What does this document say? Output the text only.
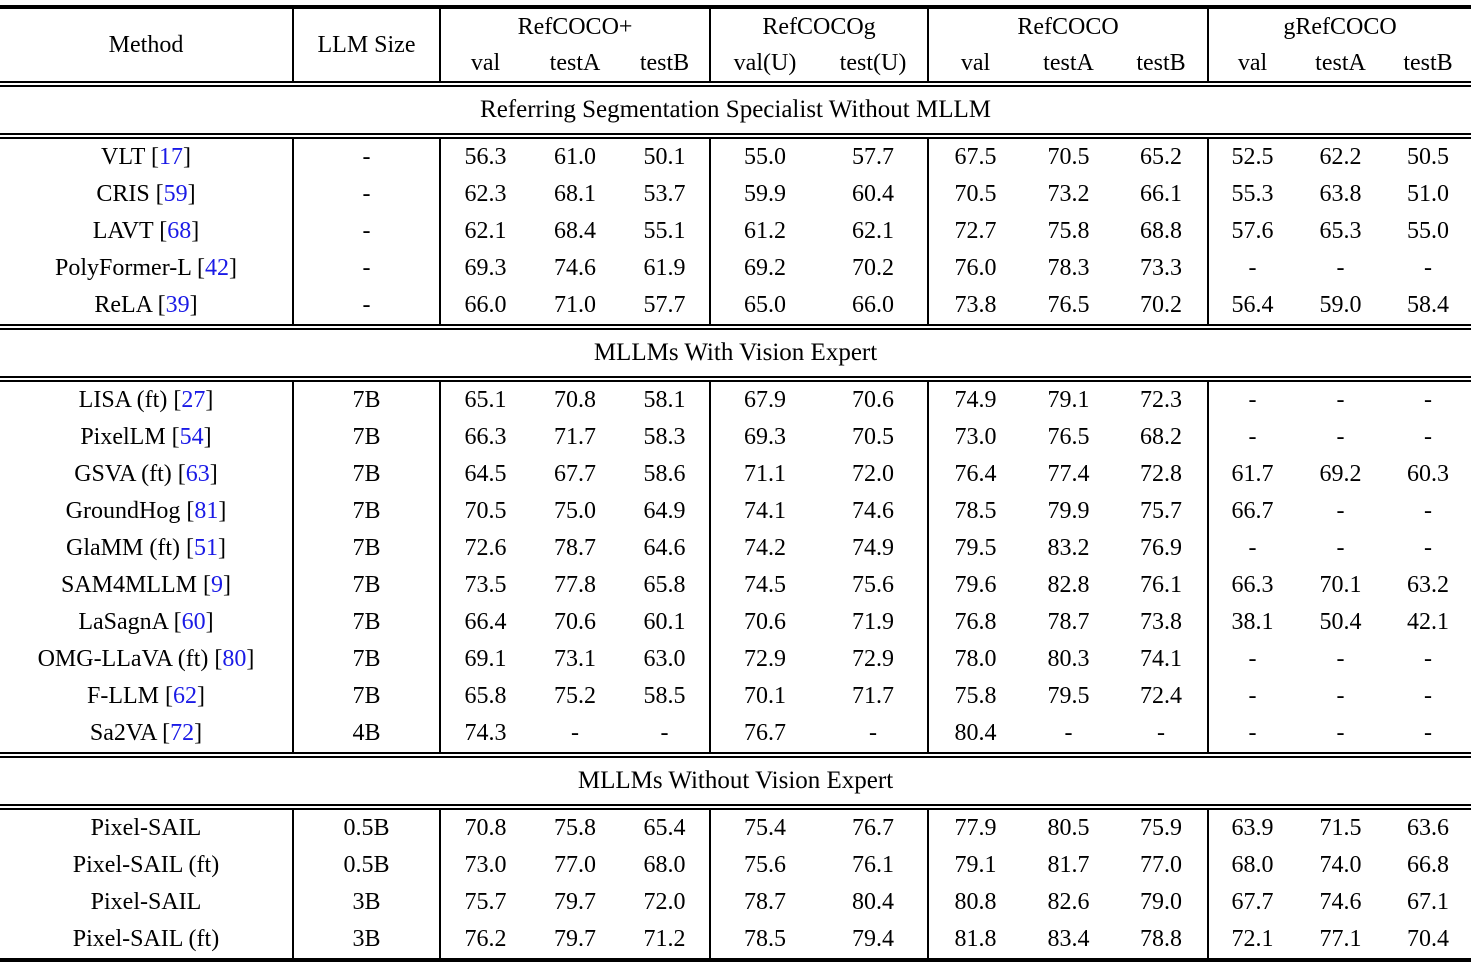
Method	LLM Size	RefCOCO+			RefCOCOg		RefCOCO			gRefCOCO		
		val	testA	testB	val(U)	test(U)	val	testA	testB	val	testA	testB
Referring Segmentation Specialist Without MLLM												
VLT [17]	-	56.3	61.0	50.1	55.0	57.7	67.5	70.5	65.2	52.5	62.2	50.5
CRIS [59]	-	62.3	68.1	53.7	59.9	60.4	70.5	73.2	66.1	55.3	63.8	51.0
LAVT [68]	-	62.1	68.4	55.1	61.2	62.1	72.7	75.8	68.8	57.6	65.3	55.0
PolyFormer-L [42]	-	69.3	74.6	61.9	69.2	70.2	76.0	78.3	73.3	-	-	-
ReLA [39]	-	66.0	71.0	57.7	65.0	66.0	73.8	76.5	70.2	56.4	59.0	58.4
MLLMs With Vision Expert												
LISA (ft) [27]	7B	65.1	70.8	58.1	67.9	70.6	74.9	79.1	72.3	-	-	-
PixelLM [54]	7B	66.3	71.7	58.3	69.3	70.5	73.0	76.5	68.2	-	-	-
GSVA (ft) [63]	7B	64.5	67.7	58.6	71.1	72.0	76.4	77.4	72.8	61.7	69.2	60.3
GroundHog [81]	7B	70.5	75.0	64.9	74.1	74.6	78.5	79.9	75.7	66.7	-	-
GlaMM (ft) [51]	7B	72.6	78.7	64.6	74.2	74.9	79.5	83.2	76.9	-	-	-
SAM4MLLM [9]	7B	73.5	77.8	65.8	74.5	75.6	79.6	82.8	76.1	66.3	70.1	63.2
LaSagnA [60]	7B	66.4	70.6	60.1	70.6	71.9	76.8	78.7	73.8	38.1	50.4	42.1
OMG-LLaVA (ft) [80]	7B	69.1	73.1	63.0	72.9	72.9	78.0	80.3	74.1	-	-	-
F-LLM [62]	7B	65.8	75.2	58.5	70.1	71.7	75.8	79.5	72.4	-	-	-
Sa2VA [72]	4B	74.3	-	-	76.7	-	80.4	-	-	-	-	-
MLLMs Without Vision Expert												
Pixel-SAIL	0.5B	70.8	75.8	65.4	75.4	76.7	77.9	80.5	75.9	63.9	71.5	63.6
Pixel-SAIL (ft)	0.5B	73.0	77.0	68.0	75.6	76.1	79.1	81.7	77.0	68.0	74.0	66.8
Pixel-SAIL	3B	75.7	79.7	72.0	78.7	80.4	80.8	82.6	79.0	67.7	74.6	67.1
Pixel-SAIL (ft)	3B	76.2	79.7	71.2	78.5	79.4	81.8	83.4	78.8	72.1	77.1	70.4
